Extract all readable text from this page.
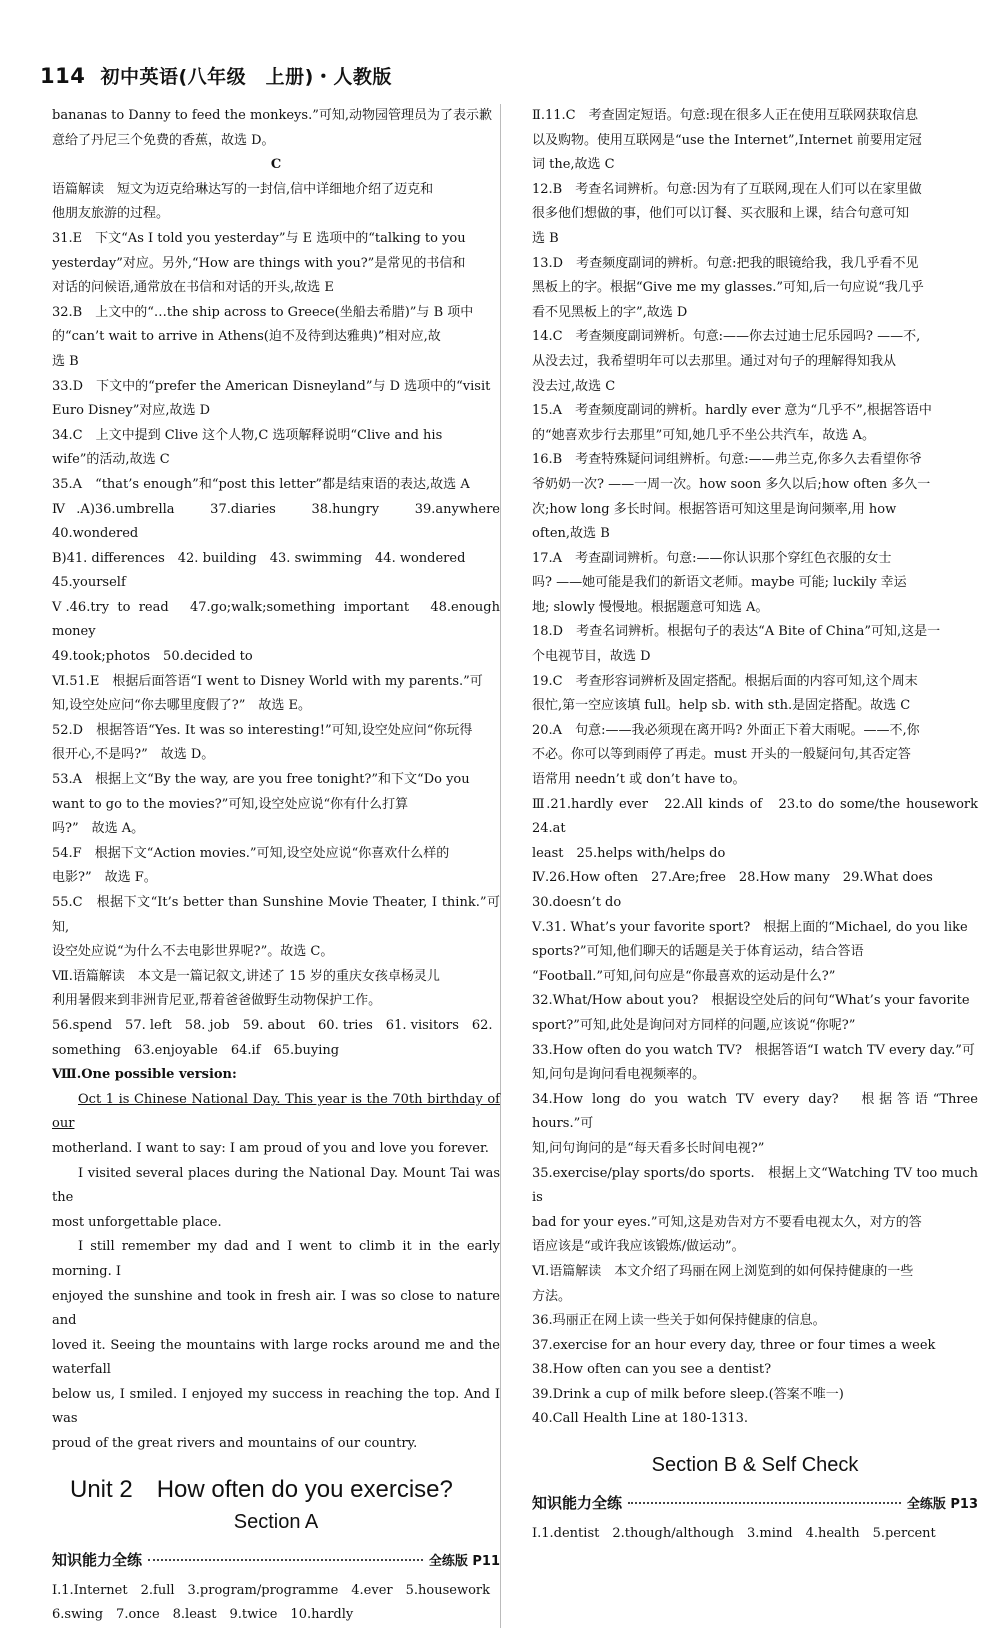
114 初中英语(八年级　上册)・人教版

bananas to Danny to feed the monkeys.”可知,动物园管理员为了表示歉

意给了丹尼三个免费的香蕉，故选 D。

C

语篇解读　短文为迈克给琳达写的一封信,信中详细地介绍了迈克和

他朋友旅游的过程。

31.E　下文“As I told you yesterday”与 E 选项中的“talking to you

yesterday”对应。另外,“How are things with you?”是常见的书信和

对话的问候语,通常放在书信和对话的开头,故选 E

32.B　上文中的“…the ship across to Greece(坐船去希腊)”与 B 项中

的“can’t wait to arrive in Athens(迫不及待到达雅典)”相对应,故

选 B

33.D　下文中的“prefer the American Disneyland”与 D 选项中的“visit

Euro Disney”对应,故选 D

34.C　上文中提到 Clive 这个人物,C 选项解释说明“Clive and his

wife”的活动,故选 C

35.A　“that’s enough”和“post this letter”都是结束语的表达,故选 A

Ⅳ.A)36.umbrella　37.diaries　38.hungry　39.anywhere　40.wondered

B)41. differences　42. building　43. swimming　44. wondered

45.yourself

Ⅴ.46.try to read　47.go;walk;something important　48.enough money

49.took;photos　50.decided to

Ⅵ.51.E　根据后面答语“I went to Disney World with my parents.”可

知,设空处应问“你去哪里度假了?”　故选 E。

52.D　根据答语“Yes. It was so interesting!”可知,设空处应问“你玩得

很开心,不是吗?”　故选 D。

53.A　根据上文“By the way, are you free tonight?”和下文“Do you

want to go to the movies?”可知,设空处应说“你有什么打算

吗?”　故选 A。

54.F　根据下文“Action movies.”可知,设空处应说“你喜欢什么样的

电影?”　故选 F。

55.C　根据下文“It’s better than Sunshine Movie Theater, I think.”可知,

设空处应说“为什么不去电影世界呢?”。故选 C。

Ⅶ.语篇解读　本文是一篇记叙文,讲述了 15 岁的重庆女孩卓杨灵儿

利用暑假来到非洲肯尼亚,帮着爸爸做野生动物保护工作。

56.spend　57. left　58. job　59. about　60. tries　61. visitors　62.

something　63.enjoyable　64.if　65.buying

Ⅷ.One possible version:

Oct 1 is Chinese National Day. This year is the 70th birthday of our

motherland. I want to say: I am proud of you and love you forever.

I visited several places during the National Day. Mount Tai was the

most unforgettable place.

I still remember my dad and I went to climb it in the early morning. I

enjoyed the sunshine and took in fresh air. I was so close to nature and

loved it. Seeing the mountains with large rocks around me and the waterfall

below us, I smiled. I enjoyed my success in reaching the top. And I was

proud of the great rivers and mountains of our country.

Unit 2　How often do you exercise?
Section A
知识能力全练	全练版 P11

Ⅰ.1.Internet　2.full　3.program/programme　4.ever　5.housework

6.swing　7.once　8.least　9.twice　10.hardly

Ⅱ.11.C　考查固定短语。句意:现在很多人正在使用互联网获取信息

以及购物。使用互联网是“use the Internet”,Internet 前要用定冠

词 the,故选 C

12.B　考查名词辨析。句意:因为有了互联网,现在人们可以在家里做

很多他们想做的事，他们可以订餐、买衣服和上课，结合句意可知

选 B

13.D　考查频度副词的辨析。句意:把我的眼镜给我，我几乎看不见

黑板上的字。根据“Give me my glasses.”可知,后一句应说“我几乎

看不见黑板上的字”,故选 D

14.C　考查频度副词辨析。句意:——你去过迪士尼乐园吗? ——不,

从没去过，我希望明年可以去那里。通过对句子的理解得知我从

没去过,故选 C

15.A　考查频度副词的辨析。hardly ever 意为“几乎不”,根据答语中

的“她喜欢步行去那里”可知,她几乎不坐公共汽车，故选 A。

16.B　考查特殊疑问词组辨析。句意:——弗兰克,你多久去看望你爷

爷奶奶一次? ——一周一次。how soon 多久以后;how often 多久一

次;how long 多长时间。根据答语可知这里是询问频率,用 how

often,故选 B

17.A　考查副词辨析。句意:——你认识那个穿红色衣服的女士

吗? ——她可能是我们的新语文老师。maybe 可能; luckily 幸运

地; slowly 慢慢地。根据题意可知选 A。

18.D　考查名词辨析。根据句子的表达“A Bite of China”可知,这是一

个电视节目，故选 D

19.C　考查形容词辨析及固定搭配。根据后面的内容可知,这个周末

很忙,第一空应该填 full。help sb. with sth.是固定搭配。故选 C

20.A　句意:——我必须现在离开吗? 外面正下着大雨呢。——不,你

不必。你可以等到雨停了再走。must 开头的一般疑问句,其否定答

语常用 needn’t 或 don’t have to。

Ⅲ.21.hardly ever　22.All kinds of　23.to do some/the housework　24.at

least　25.helps with/helps do

Ⅳ.26.How often　27.Are;free　28.How many　29.What does

30.doesn’t do

Ⅴ.31. What’s your favorite sport?　根据上面的“Michael, do you like

sports?”可知,他们聊天的话题是关于体育运动，结合答语

“Football.”可知,问句应是“你最喜欢的运动是什么?”

32.What/How about you?　根据设空处后的问句“What’s your favorite

sport?”可知,此处是询问对方同样的问题,应该说“你呢?”

33.How often do you watch TV?　根据答语“I watch TV every day.”可

知,问句是询问看电视频率的。

34.How long do you watch TV every day?　根据答语“Three hours.”可

知,问句询问的是“每天看多长时间电视?”

35.exercise/play sports/do sports.　根据上文“Watching TV too much is

bad for your eyes.”可知,这是劝告对方不要看电视太久，对方的答

语应该是“或许我应该锻炼/做运动”。

Ⅵ.语篇解读　本文介绍了玛丽在网上浏览到的如何保持健康的一些

方法。

36.玛丽正在网上读一些关于如何保持健康的信息。

37.exercise for an hour every day, three or four times a week

38.How often can you see a dentist?

39.Drink a cup of milk before sleep.(答案不唯一)

40.Call Health Line at 180-1313.

Section B & Self Check
知识能力全练	全练版 P13

Ⅰ.1.dentist　2.though/although　3.mind　4.health　5.percent
